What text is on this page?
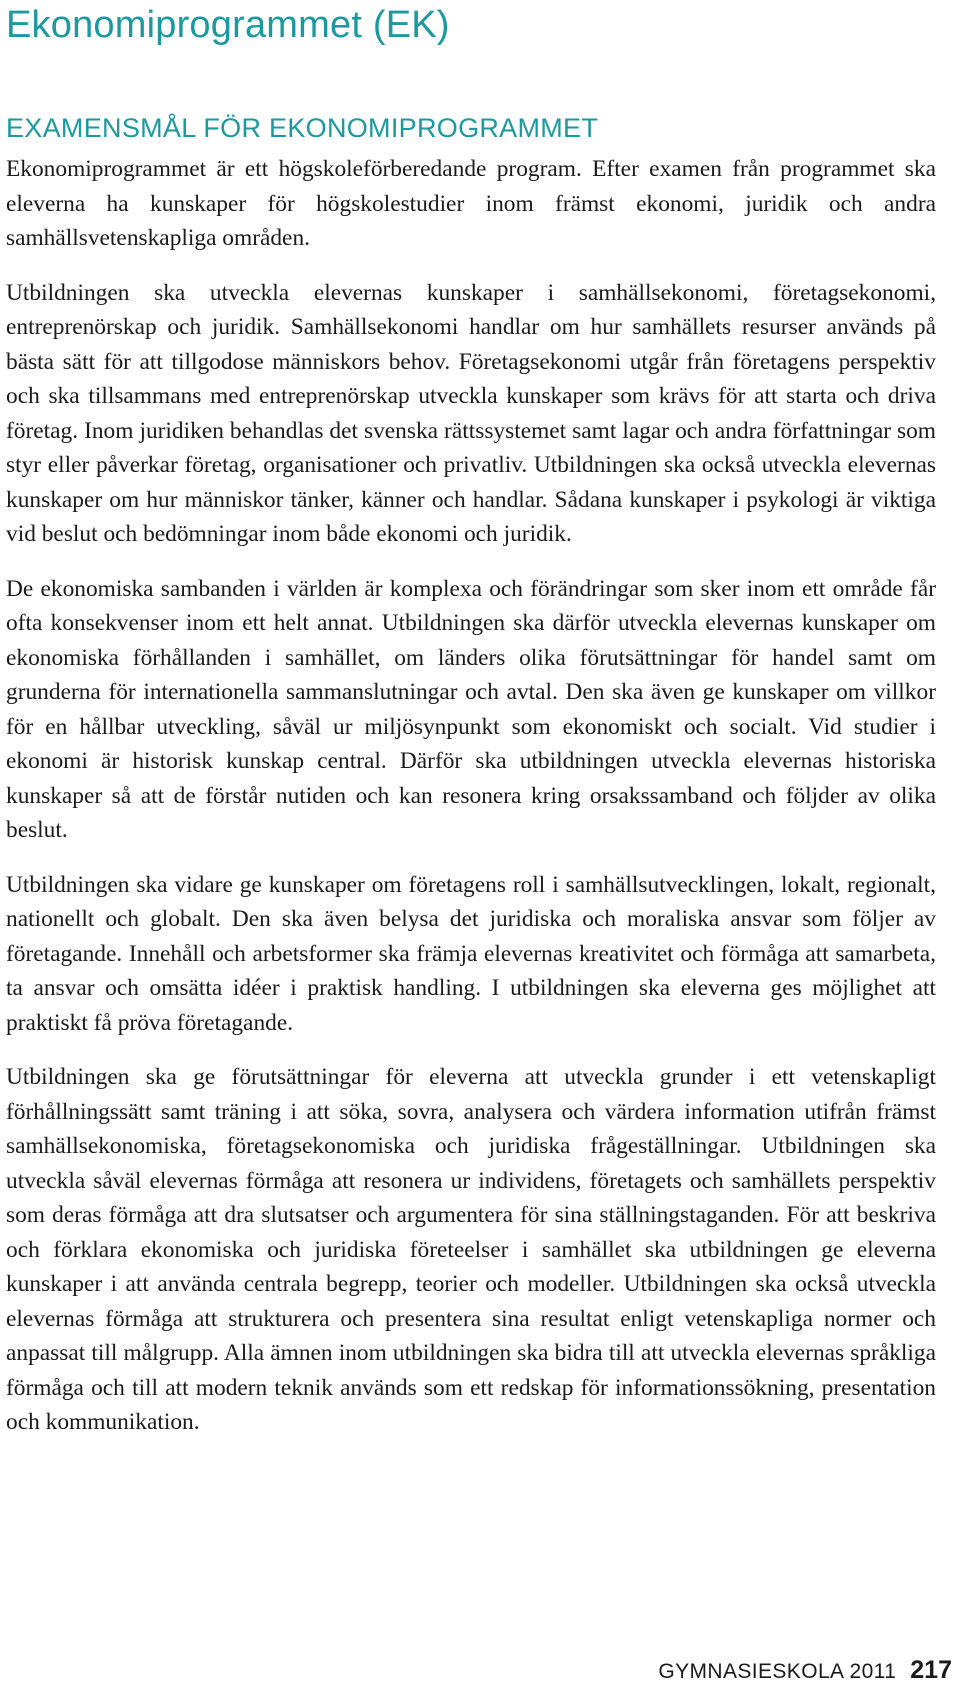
Ekonomiprogrammet (EK)
EXAMENSMÅL FÖR EKONOMIPROGRAMMET

Ekonomiprogrammet är ett högskoleförberedande program. Efter examen från programmet ska eleverna ha kunskaper för högskolestudier inom främst ekonomi, juridik och andra samhällsvetenskapliga områden.

Utbildningen ska utveckla elevernas kunskaper i samhällsekonomi, företagsekonomi, entreprenörskap och juridik. Samhällsekonomi handlar om hur samhällets resurser används på bästa sätt för att tillgodose människors behov. Företagsekonomi utgår från företagens perspektiv och ska tillsammans med entreprenörskap utveckla kunskaper som krävs för att starta och driva företag. Inom juridiken behandlas det svenska rättssystemet samt lagar och andra författningar som styr eller påverkar företag, organisationer och privatliv. Utbildningen ska också utveckla elevernas kunskaper om hur människor tänker, känner och handlar. Sådana kunskaper i psykologi är viktiga vid beslut och bedömningar inom både ekonomi och juridik.

De ekonomiska sambanden i världen är komplexa och förändringar som sker inom ett område får ofta konsekvenser inom ett helt annat. Utbildningen ska därför utveckla elevernas kunskaper om ekonomiska förhållanden i samhället, om länders olika förutsättningar för handel samt om grunderna för internationella sammanslutningar och avtal. Den ska även ge kunskaper om villkor för en hållbar utveckling, såväl ur miljösynpunkt som ekonomiskt och socialt. Vid studier i ekonomi är historisk kunskap central. Därför ska utbildningen utveckla elevernas historiska kunskaper så att de förstår nutiden och kan resonera kring orsakssamband och följder av olika beslut.

Utbildningen ska vidare ge kunskaper om företagens roll i samhällsutvecklingen, lokalt, regionalt, nationellt och globalt. Den ska även belysa det juridiska och moraliska ansvar som följer av företagande. Innehåll och arbetsformer ska främja elevernas kreativitet och förmåga att samarbeta, ta ansvar och omsätta idéer i praktisk handling. I utbildningen ska eleverna ges möjlighet att praktiskt få pröva företagande.

Utbildningen ska ge förutsättningar för eleverna att utveckla grunder i ett vetenskapligt förhållningssätt samt träning i att söka, sovra, analysera och värdera information utifrån främst samhällsekonomiska, företagsekonomiska och juridiska frågeställningar. Utbildningen ska utveckla såväl elevernas förmåga att resonera ur individens, företagets och samhällets perspektiv som deras förmåga att dra slutsatser och argumentera för sina ställningstaganden. För att beskriva och förklara ekonomiska och juridiska företeelser i samhället ska utbildningen ge eleverna kunskaper i att använda centrala begrepp, teorier och modeller. Utbildningen ska också utveckla elevernas förmåga att strukturera och presentera sina resultat enligt vetenskapliga normer och anpassat till målgrupp. Alla ämnen inom utbildningen ska bidra till att utveckla elevernas språkliga förmåga och till att modern teknik används som ett redskap för informationssökning, presentation och kommunikation.

GYMNASIESKOLA 2011 217
